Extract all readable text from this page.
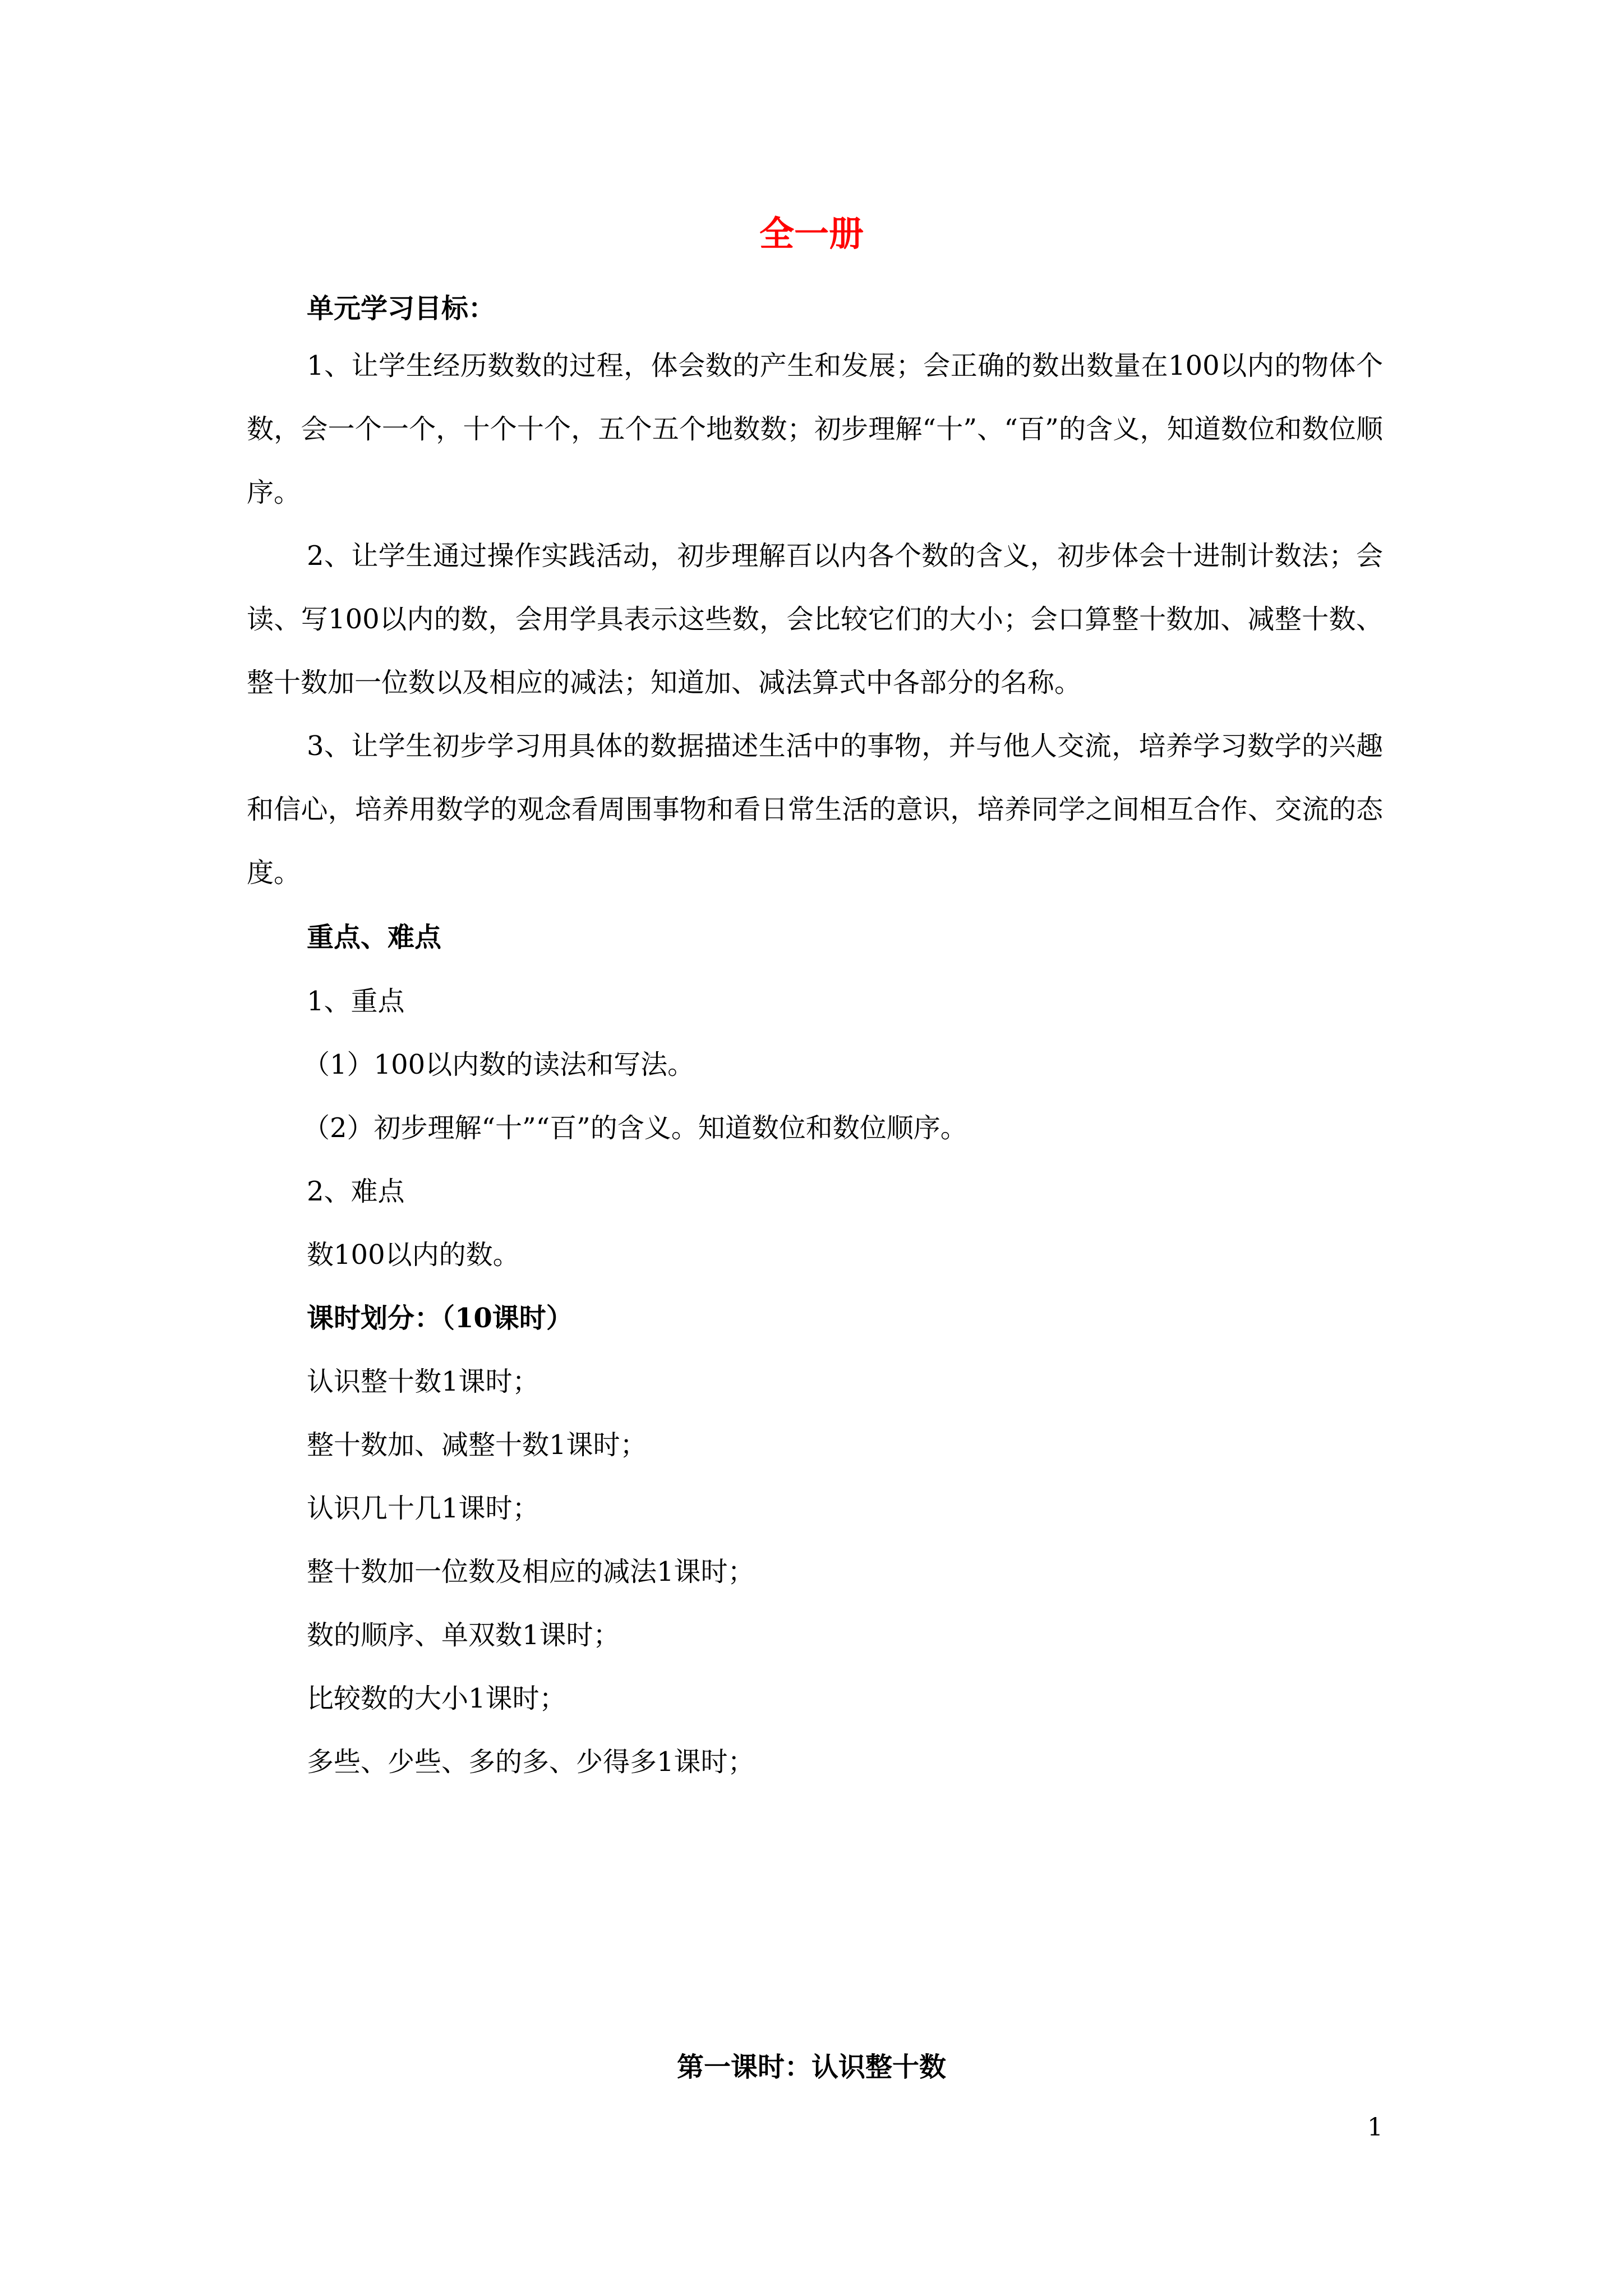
全一册
单元学习目标：

1、让学生经历数数的过程，体会数的产生和发展；会正确的数出数量在100以内的物体个数，会一个一个，十个十个，五个五个地数数；初步理解“十”、“百”的含义，知道数位和数位顺序。

2、让学生通过操作实践活动，初步理解百以内各个数的含义，初步体会十进制计数法；会读、写100以内的数，会用学具表示这些数，会比较它们的大小；会口算整十数加、减整十数、整十数加一位数以及相应的减法；知道加、减法算式中各部分的名称。

3、让学生初步学习用具体的数据描述生活中的事物，并与他人交流，培养学习数学的兴趣和信心，培养用数学的观念看周围事物和看日常生活的意识，培养同学之间相互合作、交流的态度。

重点、难点
1、重点
（1）100以内数的读法和写法。
（2）初步理解“十”“百”的含义。知道数位和数位顺序。
2、难点
数100以内的数。
课时划分：（10课时）
认识整十数1课时；
整十数加、减整十数1课时；
认识几十几1课时；
整十数加一位数及相应的减法1课时；
数的顺序、单双数1课时；
比较数的大小1课时；
多些、少些、多的多、少得多1课时；
第一课时：认识整十数
1
